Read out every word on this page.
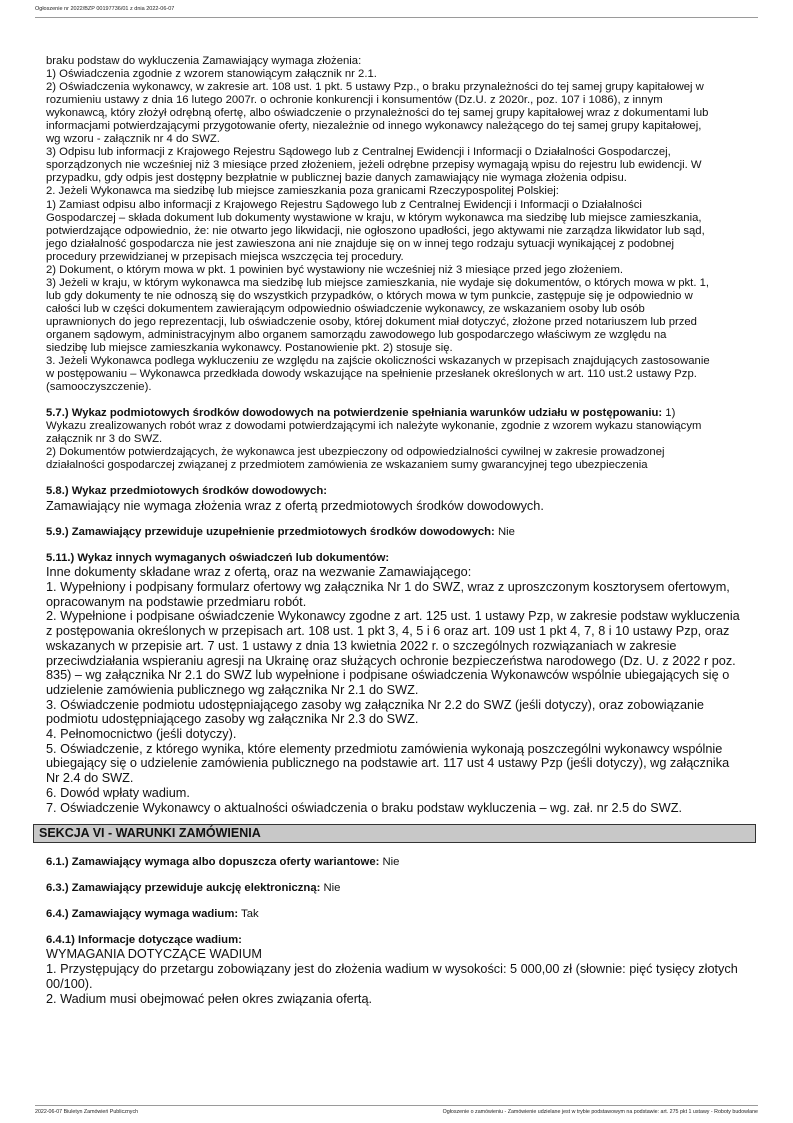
Ogłoszenie nr 2022/BZP 00197736/01 z dnia 2022-06-07
braku podstaw do wykluczenia Zamawiający wymaga złożenia:
1) Oświadczenia zgodnie z wzorem stanowiącym załącznik nr 2.1.
2) Oświadczenia wykonawcy, w zakresie art. 108 ust. 1 pkt. 5 ustawy Pzp., o braku przynależności do tej samej grupy kapitałowej w
rozumieniu ustawy z dnia 16 lutego 2007r. o ochronie konkurencji i konsumentów (Dz.U. z 2020r., poz. 107 i 1086), z innym
wykonawcą, który złożył odrębną ofertę, albo oświadczenie o przynależności do tej samej grupy kapitałowej wraz z dokumentami lub
informacjami potwierdzającymi przygotowanie oferty, niezależnie od innego wykonawcy należącego do tej samej grupy kapitałowej,
wg wzoru - załącznik nr 4 do SWZ.
3) Odpisu lub informacji z Krajowego Rejestru Sądowego lub z Centralnej Ewidencji i Informacji o Działalności Gospodarczej,
sporządzonych nie wcześniej niż 3 miesiące przed złożeniem, jeżeli odrębne przepisy wymagają wpisu do rejestru lub ewidencji. W
przypadku, gdy odpis jest dostępny bezpłatnie w publicznej bazie danych zamawiający nie wymaga złożenia odpisu.
2. Jeżeli Wykonawca ma siedzibę lub miejsce zamieszkania poza granicami Rzeczypospolitej Polskiej:
1) Zamiast odpisu albo informacji z Krajowego Rejestru Sądowego lub z Centralnej Ewidencji i Informacji o Działalności
Gospodarczej – składa dokument lub dokumenty wystawione w kraju, w którym wykonawca ma siedzibę lub miejsce zamieszkania,
potwierdzające odpowiednio, że: nie otwarto jego likwidacji, nie ogłoszono upadłości, jego aktywami nie zarządza likwidator lub sąd,
jego działalność gospodarcza nie jest zawieszona ani nie znajduje się on w innej tego rodzaju sytuacji wynikającej z podobnej
procedury przewidzianej w przepisach miejsca wszczęcia tej procedury.
2) Dokument, o którym mowa w pkt. 1 powinien być wystawiony nie wcześniej niż 3 miesiące przed jego złożeniem.
3) Jeżeli w kraju, w którym wykonawca ma siedzibę lub miejsce zamieszkania, nie wydaje się dokumentów, o których mowa w pkt. 1,
lub gdy dokumenty te nie odnoszą się do wszystkich przypadków, o których mowa w tym punkcie, zastępuje się je odpowiednio w
całości lub w części dokumentem zawierającym odpowiednio oświadczenie wykonawcy, ze wskazaniem osoby lub osób
uprawnionych do jego reprezentacji, lub oświadczenie osoby, której dokument miał dotyczyć, złożone przed notariuszem lub przed
organem sądowym, administracyjnym albo organem samorządu zawodowego lub gospodarczego właściwym ze względu na
siedzibę lub miejsce zamieszkania wykonawcy. Postanowienie pkt. 2) stosuje się.
3. Jeżeli Wykonawca podlega wykluczeniu ze względu na zajście okoliczności wskazanych w przepisach znajdujących zastosowanie
w postępowaniu – Wykonawca przedkłada dowody wskazujące na spełnienie przesłanek określonych w art. 110 ust.2 ustawy Pzp.
(samooczyszczenie).
5.7.) Wykaz podmiotowych środków dowodowych na potwierdzenie spełniania warunków udziału w postępowaniu: 1)
Wykazu zrealizowanych robót wraz z dowodami potwierdzającymi ich należyte wykonanie, zgodnie z wzorem wykazu stanowiącym
załącznik nr 3 do SWZ.
2) Dokumentów potwierdzających, że wykonawca jest ubezpieczony od odpowiedzialności cywilnej w zakresie prowadzonej
działalności gospodarczej związanej z przedmiotem zamówienia ze wskazaniem sumy gwarancyjnej tego ubezpieczenia
5.8.) Wykaz przedmiotowych środków dowodowych:
Zamawiający nie wymaga złożenia wraz z ofertą przedmiotowych środków dowodowych.
5.9.) Zamawiający przewiduje uzupełnienie przedmiotowych środków dowodowych: Nie
5.11.) Wykaz innych wymaganych oświadczeń lub dokumentów:
Inne dokumenty składane wraz z ofertą, oraz na wezwanie Zamawiającego:
1. Wypełniony i podpisany formularz ofertowy wg załącznika Nr 1 do SWZ, wraz z uproszczonym kosztorysem ofertowym,
opracowanym na podstawie przedmiaru robót.
2. Wypełnione i podpisane oświadczenie Wykonawcy zgodne z art. 125 ust. 1 ustawy Pzp, w zakresie podstaw wykluczenia
z postępowania określonych w przepisach art. 108 ust. 1 pkt 3, 4, 5 i 6 oraz art. 109 ust 1 pkt 4, 7, 8 i 10 ustawy Pzp, oraz
wskazanych w przepisie art. 7 ust. 1 ustawy z dnia 13 kwietnia 2022 r. o szczególnych rozwiązaniach w zakresie
przeciwdziałania wspieraniu agresji na Ukrainę oraz służących ochronie bezpieczeństwa narodowego (Dz. U. z 2022 r poz.
835) – wg załącznika Nr 2.1 do SWZ lub wypełnione i podpisane oświadczenia Wykonawców wspólnie ubiegających się o
udzielenie zamówienia publicznego wg załącznika Nr 2.1 do SWZ.
3. Oświadczenie podmiotu udostępniającego zasoby wg załącznika Nr 2.2 do SWZ (jeśli dotyczy), oraz zobowiązanie
podmiotu udostępniającego zasoby wg załącznika Nr 2.3 do SWZ.
4. Pełnomocnictwo (jeśli dotyczy).
5. Oświadczenie, z którego wynika, które elementy przedmiotu zamówienia wykonają poszczególni wykonawcy wspólnie
ubiegający się o udzielenie zamówienia publicznego na podstawie art. 117 ust 4 ustawy Pzp (jeśli dotyczy), wg załącznika
Nr 2.4 do SWZ.
6. Dowód wpłaty wadium.
7. Oświadczenie Wykonawcy o aktualności oświadczenia o braku podstaw wykluczenia – wg. zał. nr 2.5 do SWZ.
SEKCJA VI - WARUNKI ZAMÓWIENIA
6.1.) Zamawiający wymaga albo dopuszcza oferty wariantowe: Nie
6.3.) Zamawiający przewiduje aukcję elektroniczną: Nie
6.4.) Zamawiający wymaga wadium: Tak
6.4.1) Informacje dotyczące wadium:
WYMAGANIA DOTYCZĄCE WADIUM
1. Przystępujący do przetargu zobowiązany jest do złożenia wadium w wysokości: 5 000,00 zł (słownie: pięć tysięcy złotych
00/100).
2. Wadium musi obejmować pełen okres związania ofertą.
2022-06-07 Biuletyn Zamówień Publicznych	Ogłoszenie o zamówieniu - Zamówienie udzielane jest w trybie podstawowym na podstawie: art. 275 pkt 1 ustawy - Roboty budowlane
